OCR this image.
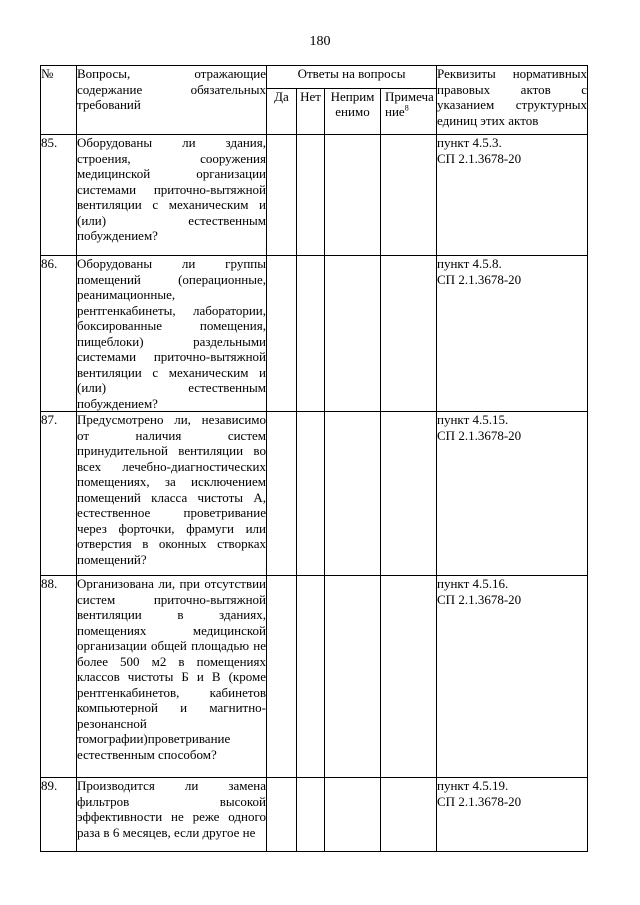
180
№	Вопросы, отражающие содержание обязательных требований	Ответы на вопросы				Реквизиты нормативных правовых актов с указанием структурных единиц этих актов
		Да	Нет	Неприм енимо	Примеча ние$^8$
85.	Оборудованы ли здания, строения, сооружения медицинской организации системами приточно-вытяжной вентиляции с механическим и (или) естественным побуждением?					пункт 4.5.3.
СП 2.1.3678-20

86.	Оборудованы ли группы помещений (операционные, реанимационные, рентгенкабинеты, лаборатории, боксированные помещения, пищеблоки) раздельными системами приточно-вытяжной вентиляции с механическим и (или) естественным побуждением?					пункт 4.5.8.
СП 2.1.3678-20

87.	Предусмотрено ли, независимо от наличия систем принудительной вентиляции во всех лечебно-диагностических помещениях, за исключением помещений класса чистоты А, естественное проветривание через форточки, фрамуги или отверстия в оконных створках помещений?					пункт 4.5.15.
СП 2.1.3678-20

88.	Организована ли, при отсутствии систем приточно-вытяжной вентиляции в зданиях, помещениях медицинской организации общей площадью не более 500 м2 в помещениях классов чистоты Б и В (кроме рентгенкабинетов, кабинетов компьютерной и магнитно-резонансной томографии)проветривание естественным способом?					пункт 4.5.16.
СП 2.1.3678-20

89.	Производится ли замена фильтров высокой эффективности не реже одного раза в 6 месяцев, если другое не					пункт 4.5.19.
СП 2.1.3678-20
